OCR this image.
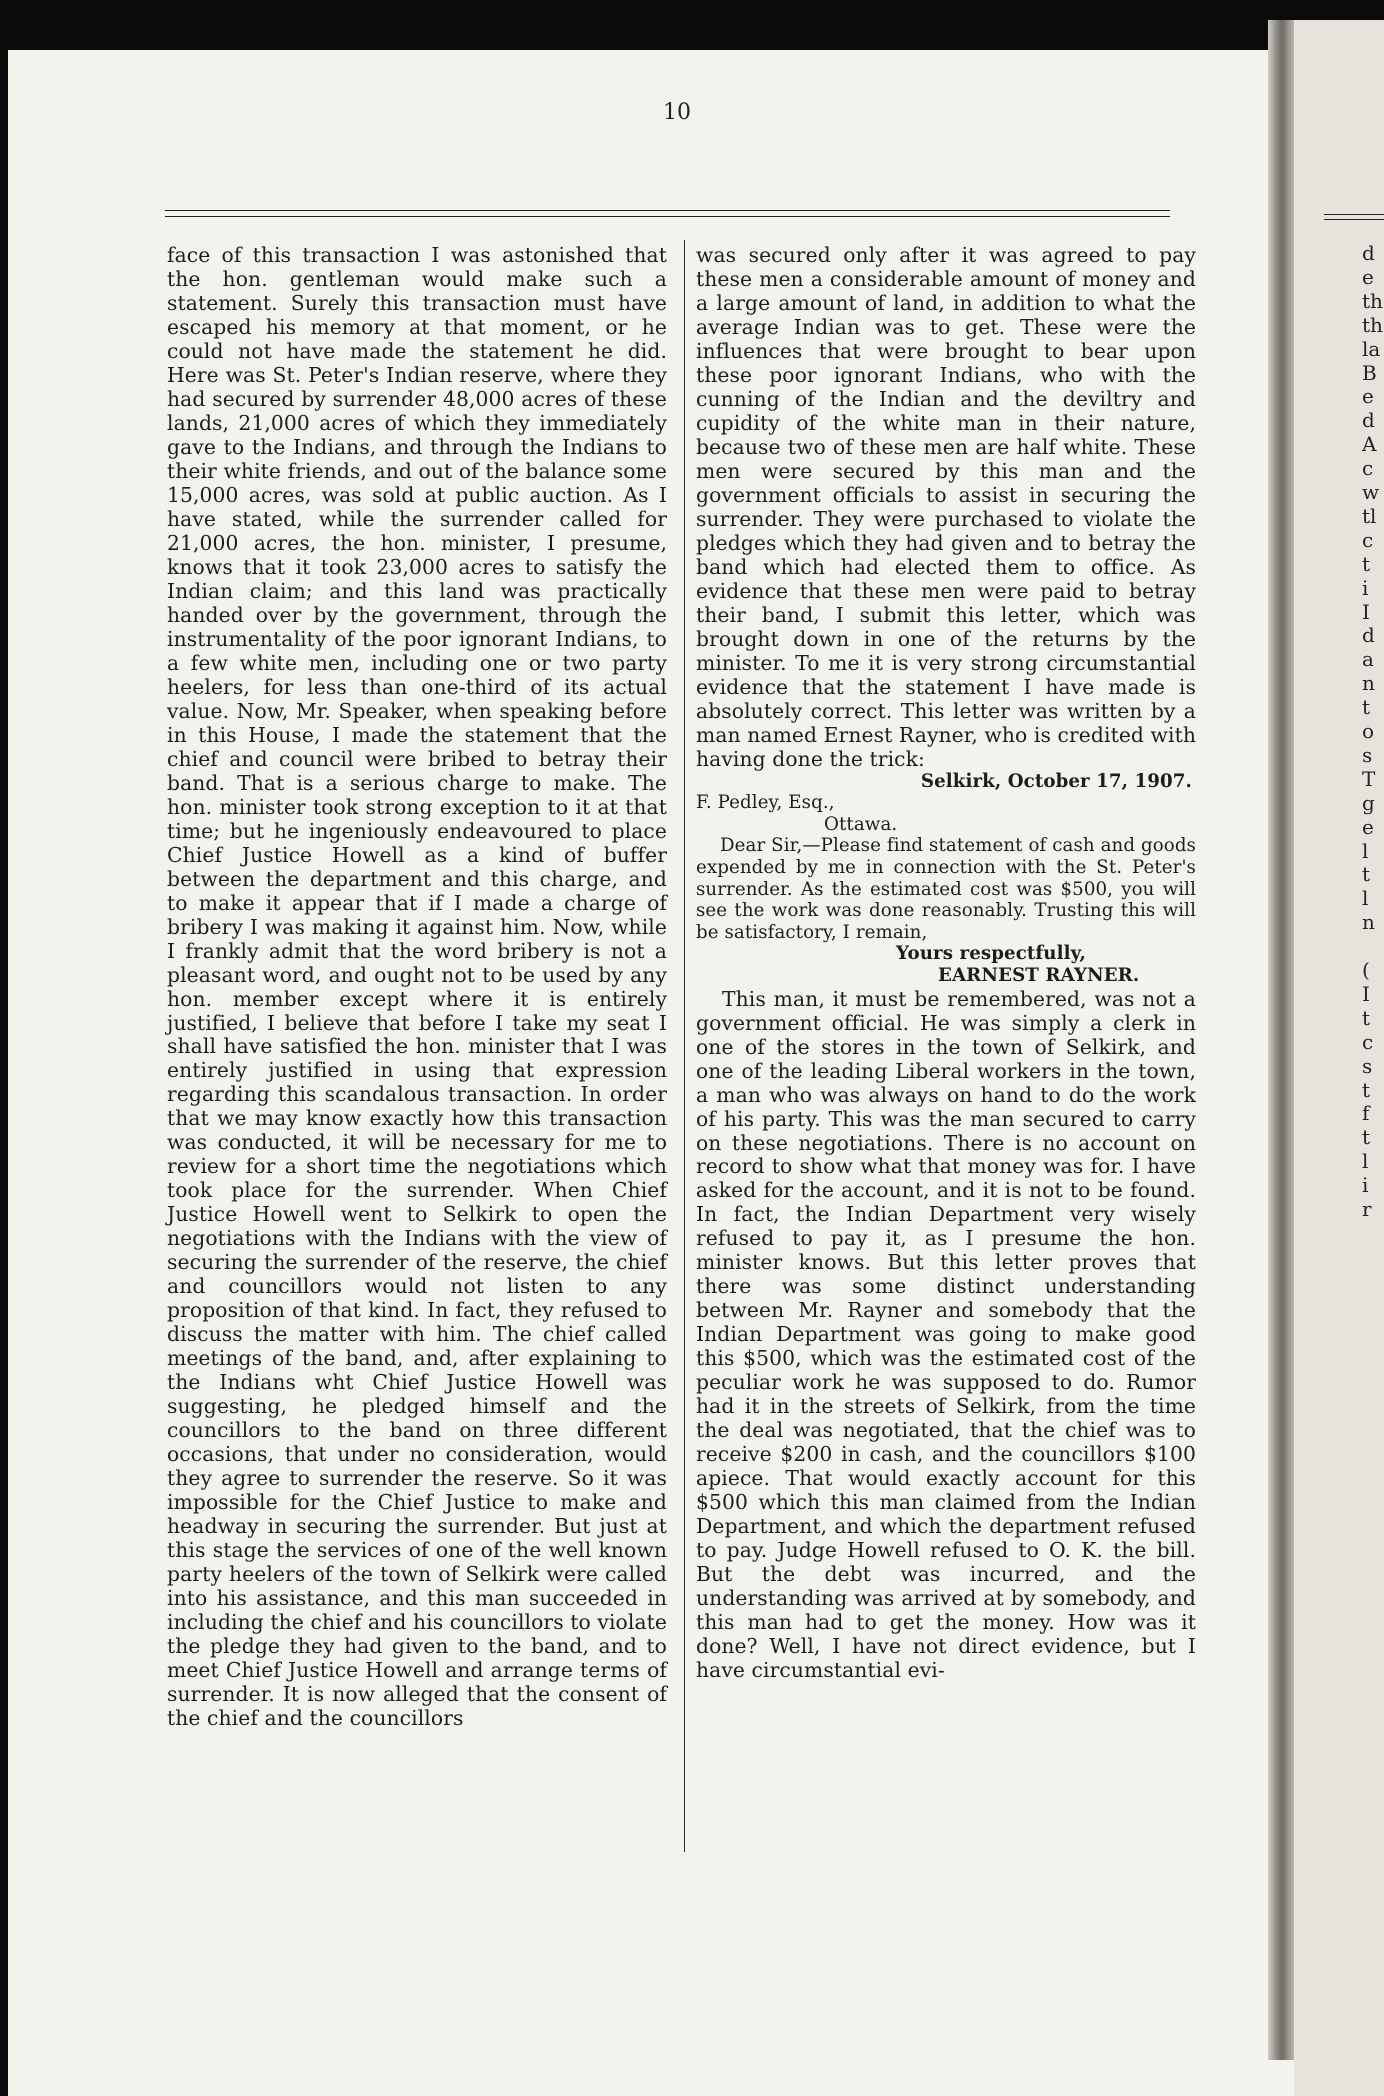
d
e
th
th
la
B
e
d
A
c
w
tl
c
t
i
I
d
a
n
t
o
s
T
g
e
l
t
l
n
(
I
t
c
s
t
f
t
l
i
r

10

face of this transaction I was astonished that the hon. gentleman would make such a statement. Surely this transaction must have escaped his memory at that moment, or he could not have made the statement he did. Here was St. Peter's Indian reserve, where they had secured by surrender 48,000 acres of these lands, 21,000 acres of which they immediately gave to the Indians, and through the Indians to their white friends, and out of the balance some 15,000 acres, was sold at public auction. As I have stated, while the surrender called for 21,000 acres, the hon. minister, I presume, knows that it took 23,000 acres to satisfy the Indian claim; and this land was practically handed over by the government, through the instrumentality of the poor ignorant Indians, to a few white men, including one or two party heelers, for less than one-third of its actual value. Now, Mr. Speaker, when speaking before in this House, I made the statement that the chief and council were bribed to betray their band. That is a serious charge to make. The hon. minister took strong exception to it at that time; but he ingeniously endeavoured to place Chief Justice Howell as a kind of buffer between the department and this charge, and to make it appear that if I made a charge of bribery I was making it against him. Now, while I frankly admit that the word bribery is not a pleasant word, and ought not to be used by any hon. member except where it is entirely justified, I believe that before I take my seat I shall have satisfied the hon. minister that I was entirely justified in using that expression regarding this scandalous transaction. In order that we may know exactly how this transaction was conducted, it will be necessary for me to review for a short time the negotiations which took place for the surrender. When Chief Justice Howell went to Selkirk to open the negotiations with the Indians with the view of securing the surrender of the reserve, the chief and councillors would not listen to any proposition of that kind. In fact, they refused to discuss the matter with him. The chief called meetings of the band, and, after explaining to the Indians wht Chief Justice Howell was suggesting, he pledged himself and the councillors to the band on three different occasions, that under no consideration, would they agree to surrender the reserve. So it was impossible for the Chief Justice to make and headway in securing the surrender. But just at this stage the services of one of the well known party heelers of the town of Selkirk were called into his assistance, and this man succeeded in including the chief and his councillors to violate the pledge they had given to the band, and to meet Chief Justice Howell and arrange terms of surrender. It is now alleged that the consent of the chief and the councillors

was secured only after it was agreed to pay these men a considerable amount of money and a large amount of land, in addition to what the average Indian was to get. These were the influences that were brought to bear upon these poor ignorant Indians, who with the cunning of the Indian and the deviltry and cupidity of the white man in their nature, because two of these men are half white. These men were secured by this man and the government officials to assist in securing the surrender. They were purchased to violate the pledges which they had given and to betray the band which had elected them to office. As evidence that these men were paid to betray their band, I submit this letter, which was brought down in one of the returns by the minister. To me it is very strong circumstantial evidence that the statement I have made is absolutely correct. This letter was written by a man named Ernest Rayner, who is credited with having done the trick:

Selkirk, October 17, 1907.

F. Pedley, Esq.,

Ottawa.

Dear Sir,—Please find statement of cash and goods expended by me in connection with the St. Peter's surrender. As the estimated cost was $500, you will see the work was done reasonably. Trusting this will be satisfactory, I remain,

Yours respectfully,

EARNEST RAYNER.

This man, it must be remembered, was not a government official. He was simply a clerk in one of the stores in the town of Selkirk, and one of the leading Liberal workers in the town, a man who was always on hand to do the work of his party. This was the man secured to carry on these negotiations. There is no account on record to show what that money was for. I have asked for the account, and it is not to be found. In fact, the Indian Department very wisely refused to pay it, as I presume the hon. minister knows. But this letter proves that there was some distinct understanding between Mr. Rayner and somebody that the Indian Department was going to make good this $500, which was the estimated cost of the peculiar work he was supposed to do. Rumor had it in the streets of Selkirk, from the time the deal was negotiated, that the chief was to receive $200 in cash, and the councillors $100 apiece. That would exactly account for this $500 which this man claimed from the Indian Department, and which the department refused to pay. Judge Howell refused to O. K. the bill. But the debt was incurred, and the understanding was arrived at by somebody, and this man had to get the money. How was it done? Well, I have not direct evidence, but I have circumstantial evi-
